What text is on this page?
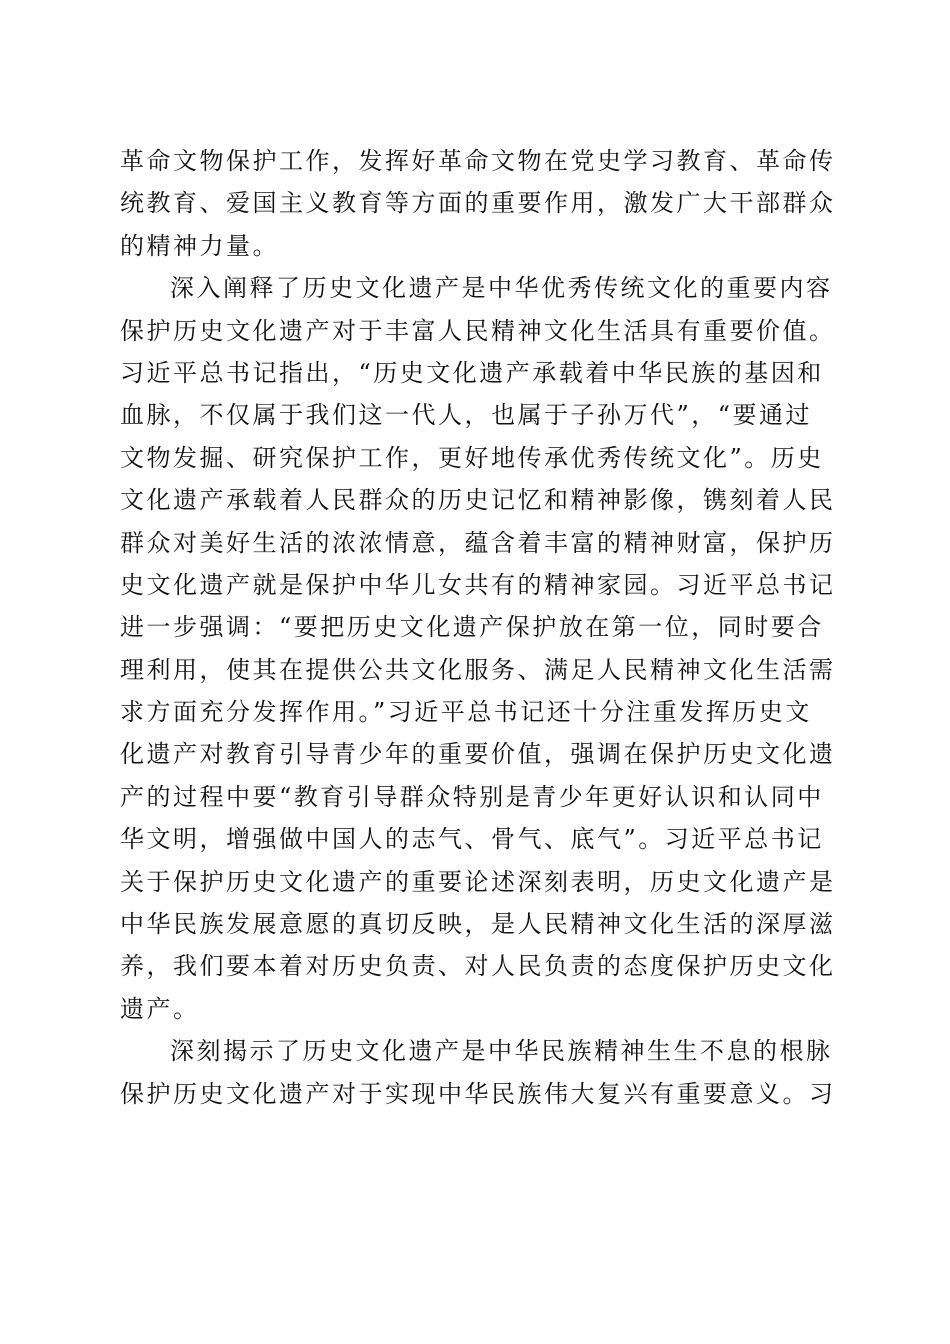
革命文物保护工作，发挥好革命文物在党史学习教育、革命传
统教育、爱国主义教育等方面的重要作用，激发广大干部群众
的精神力量。
深入阐释了历史文化遗产是中华优秀传统文化的重要内容
保护历史文化遗产对于丰富人民精神文化生活具有重要价值。
习近平总书记指出，“历史文化遗产承载着中华民族的基因和
血脉，不仅属于我们这一代人，也属于子孙万代”，“要通过
文物发掘、研究保护工作，更好地传承优秀传统文化”。历史
文化遗产承载着人民群众的历史记忆和精神影像，镌刻着人民
群众对美好生活的浓浓情意，蕴含着丰富的精神财富，保护历
史文化遗产就是保护中华儿女共有的精神家园。习近平总书记
进一步强调：“要把历史文化遗产保护放在第一位，同时要合
理利用，使其在提供公共文化服务、满足人民精神文化生活需
求方面充分发挥作用。”习近平总书记还十分注重发挥历史文
化遗产对教育引导青少年的重要价值，强调在保护历史文化遗
产的过程中要“教育引导群众特别是青少年更好认识和认同中
华文明，增强做中国人的志气、骨气、底气”。习近平总书记
关于保护历史文化遗产的重要论述深刻表明，历史文化遗产是
中华民族发展意愿的真切反映，是人民精神文化生活的深厚滋
养，我们要本着对历史负责、对人民负责的态度保护历史文化
遗产。
深刻揭示了历史文化遗产是中华民族精神生生不息的根脉
保护历史文化遗产对于实现中华民族伟大复兴有重要意义。习
